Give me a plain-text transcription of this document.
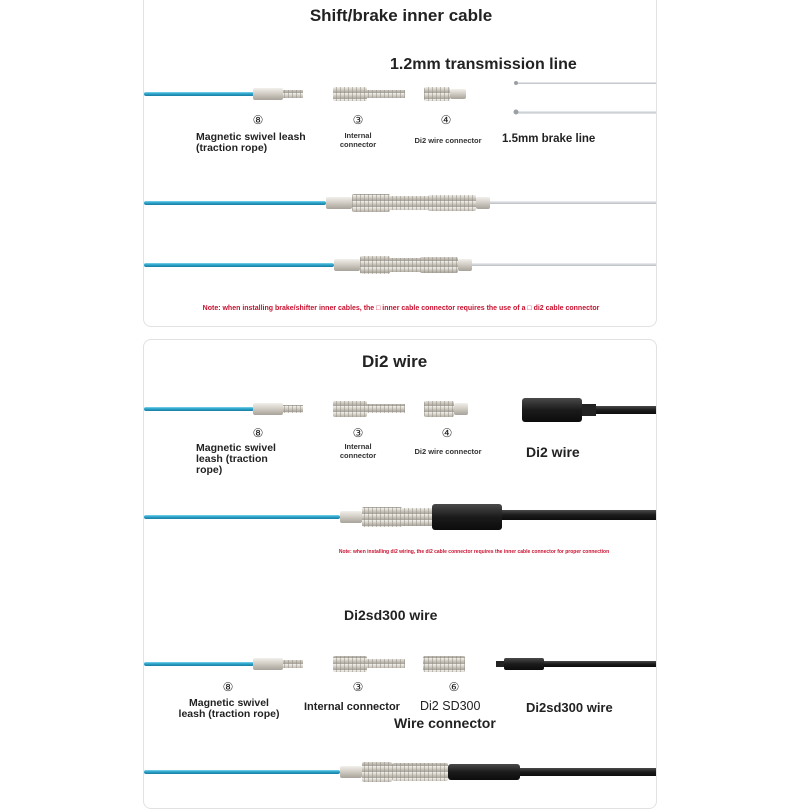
Shift/brake inner cable
1.2mm transmission line
⑧
Magnetic swivel leash (traction rope)
③
Internal connector
④
Di2 wire connector	1.5mm brake line
Note: when installing brake/shifter inner cables, the □ inner cable connector requires the use of a □ di2 cable connector
Di2 wire
⑧
Magnetic swivel leash (traction rope)
③
Internal connector
④
Di2 wire connector	Di2 wire
Note: when installing di2 wiring, the di2 cable connector requires the inner cable connector for proper connection
Di2sd300 wire
⑧
Magnetic swivel leash (traction rope)
③
Internal connector
⑥
Di2 SD300
Wire connector
Di2sd300 wire
